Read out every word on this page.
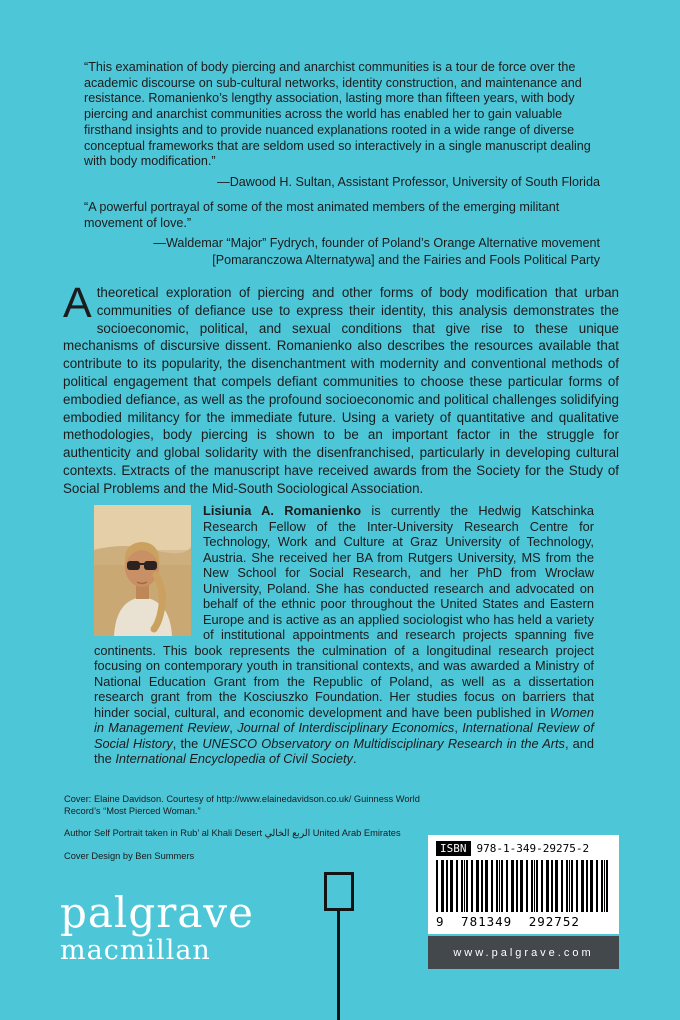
“This examination of body piercing and anarchist communities is a tour de force over the academic discourse on sub-cultural networks, identity construction, and maintenance and resistance. Romanienko’s lengthy association, lasting more than fifteen years, with body piercing and anarchist communities across the world has enabled her to gain valuable firsthand insights and to provide nuanced explanations rooted in a wide range of diverse conceptual frameworks that are seldom used so interactively in a single manuscript dealing with body modification.”
—Dawood H. Sultan, Assistant Professor, University of South Florida
“A powerful portrayal of some of the most animated members of the emerging militant movement of love.”
—Waldemar “Major” Fydrych, founder of Poland’s Orange Alternative movement
[Pomaranczowa Alternatywa] and the Fairies and Fools Political Party
Atheoretical exploration of piercing and other forms of body modification that urban communities of defiance use to express their identity, this analysis demonstrates the socioeconomic, political, and sexual conditions that give rise to these unique mechanisms of discursive dissent. Romanienko also describes the resources available that contribute to its popularity, the disenchantment with modernity and conventional methods of political engagement that compels defiant communities to choose these particular forms of embodied defiance, as well as the profound socioeconomic and political challenges solidifying embodied militancy for the immediate future. Using a variety of quantitative and qualitative methodologies, body piercing is shown to be an important factor in the struggle for authenticity and global solidarity with the disenfranchised, particularly in developing cultural contexts. Extracts of the manuscript have received awards from the Society for the Study of Social Problems and the Mid-South Sociological Association.
Lisiunia A. Romanienko is currently the Hedwig Katschinka Research Fellow of the Inter-University Research Centre for Technology, Work and Culture at Graz University of Technology, Austria. She received her BA from Rutgers University, MS from the New School for Social Research, and her PhD from Wrocław University, Poland. She has conducted research and advocated on behalf of the ethnic poor throughout the United States and Eastern Europe and is active as an applied sociologist who has held a variety of institutional appointments and research projects spanning five continents. This book represents the culmination of a longitudinal research project focusing on contemporary youth in transitional contexts, and was awarded a Ministry of National Education Grant from the Republic of Poland, as well as a dissertation research grant from the Kosciuszko Foundation. Her studies focus on barriers that hinder social, cultural, and economic development and have been published in Women in Management Review, Journal of Interdisciplinary Economics, International Review of Social History, the UNESCO Observatory on Multidisciplinary Research in the Arts, and the International Encyclopedia of Civil Society.
Cover: Elaine Davidson. Courtesy of http://www.elainedavidson.co.uk/ Guinness World
Record’s “Most Pierced Woman.”
Author Self Portrait taken in Rub’ al Khali Desert الربع الخالي United Arab Emirates
Cover Design by Ben Summers
palgrave
macmillan
ISBN 978-1-349-29275-2
9 781349 292752
www.palgrave.com
